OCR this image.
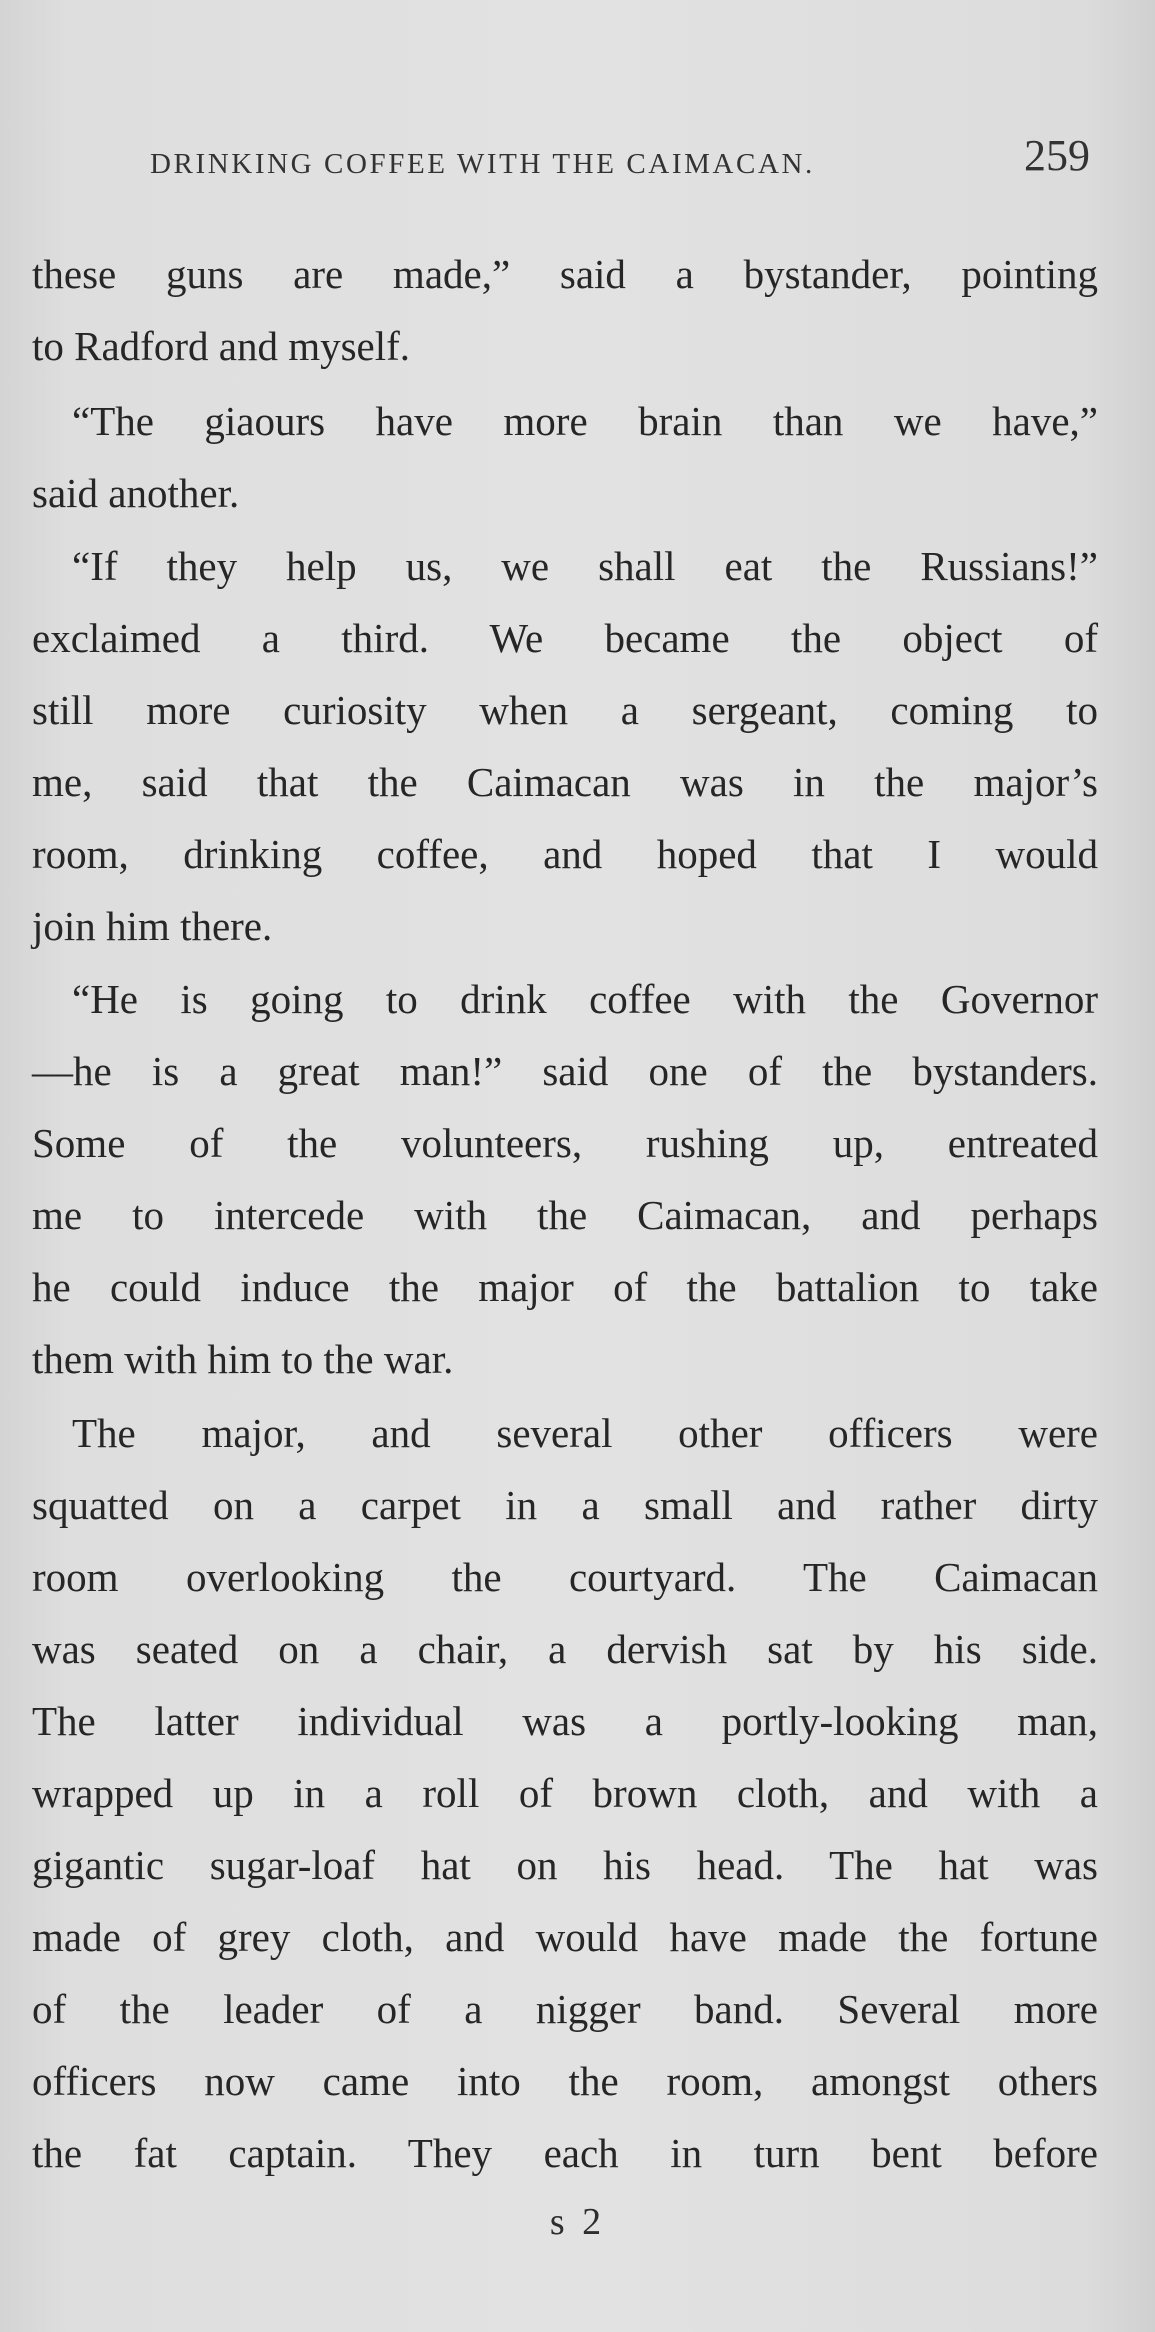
DRINKING COFFEE WITH THE CAIMACAN.	259
these guns are made,” said a bystander, pointing
to Radford and myself.
“The giaours have more brain than we have,”
said another.
“If they help us, we shall eat the Russians!”
exclaimed a third. We became the object of
still more curiosity when a sergeant, coming to
me, said that the Caimacan was in the major’s
room, drinking coffee, and hoped that I would
join him there.
“He is going to drink coffee with the Governor
—he is a great man!” said one of the bystanders.
Some of the volunteers, rushing up, entreated
me to intercede with the Caimacan, and perhaps
he could induce the major of the battalion to take
them with him to the war.
The major, and several other officers were
squatted on a carpet in a small and rather dirty
room overlooking the courtyard. The Caimacan
was seated on a chair, a dervish sat by his side.
The latter individual was a portly-looking man,
wrapped up in a roll of brown cloth, and with a
gigantic sugar-loaf hat on his head. The hat was
made of grey cloth, and would have made the fortune
of the leader of a nigger band. Several more
officers now came into the room, amongst others
the fat captain. They each in turn bent before
s 2
